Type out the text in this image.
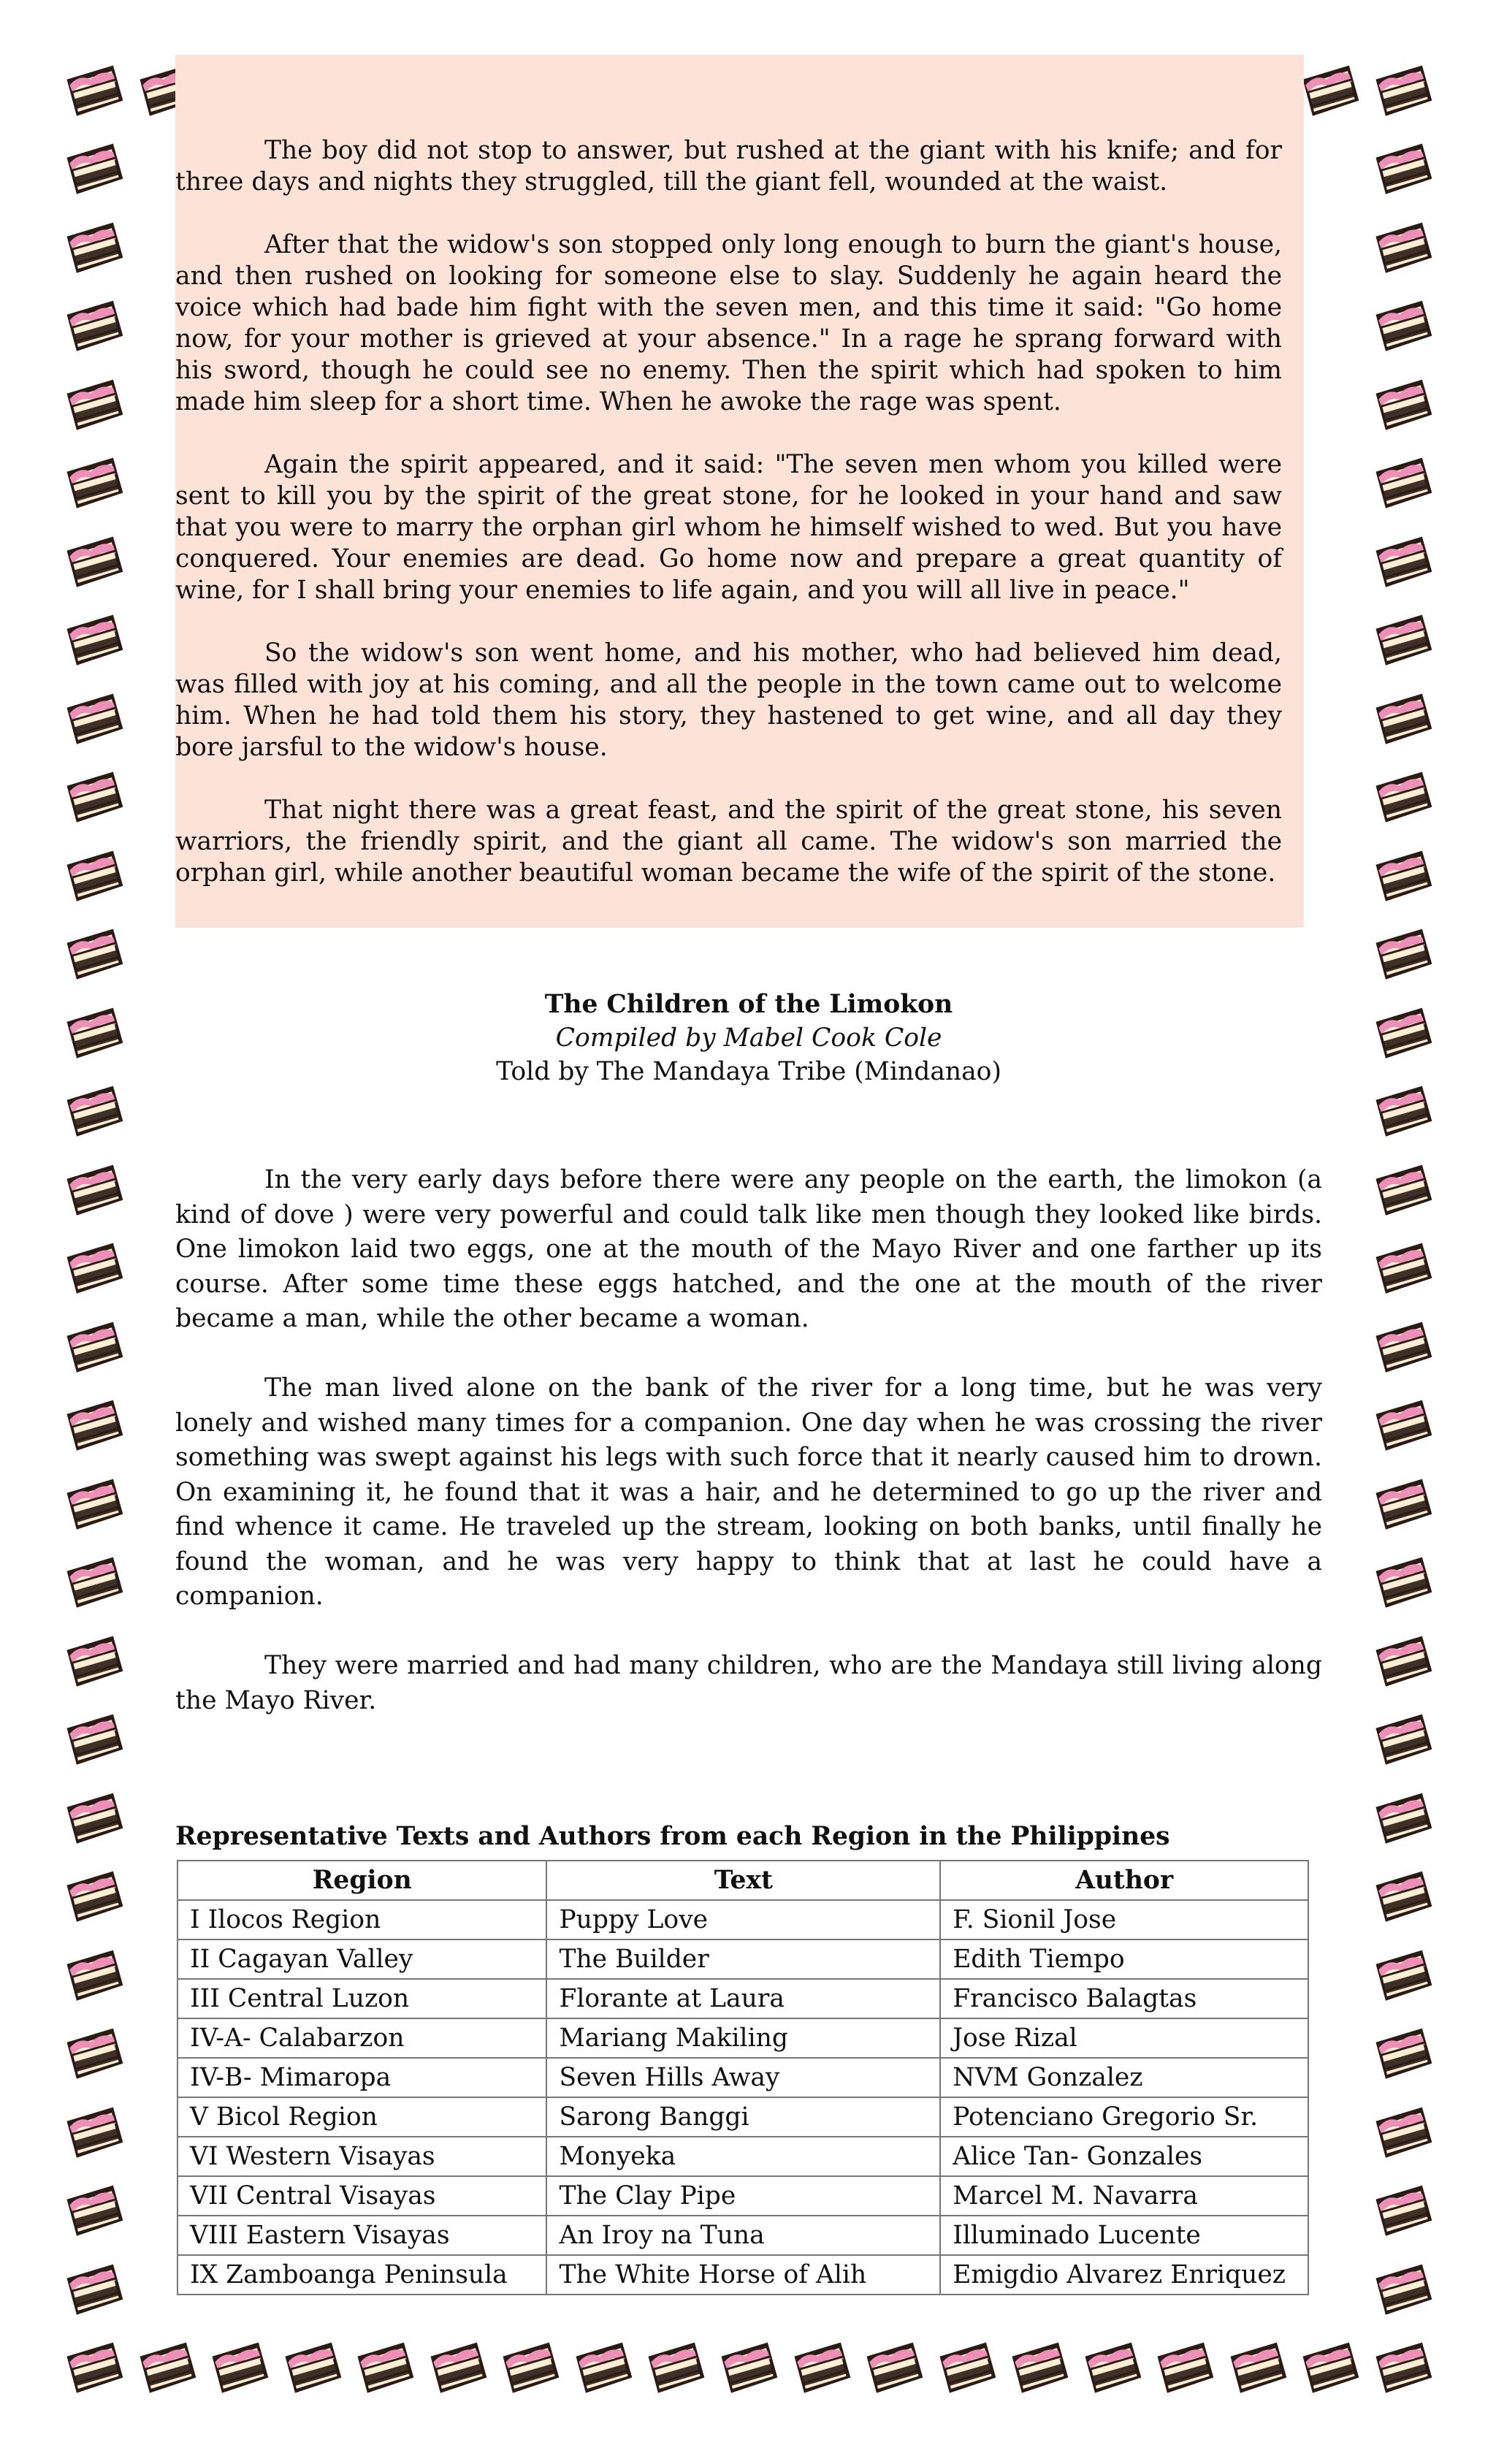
The boy did not stop to answer, but rushed at the giant with his knife; and for three days and nights they struggled, till the giant fell, wounded at the waist.

After that the widow's son stopped only long enough to burn the giant's house, and then rushed on looking for someone else to slay. Suddenly he again heard the voice which had bade him fight with the seven men, and this time it said: "Go home now, for your mother is grieved at your absence." In a rage he sprang forward with his sword, though he could see no enemy. Then the spirit which had spoken to him made him sleep for a short time. When he awoke the rage was spent.

Again the spirit appeared, and it said: "The seven men whom you killed were sent to kill you by the spirit of the great stone, for he looked in your hand and saw that you were to marry the orphan girl whom he himself wished to wed. But you have conquered. Your enemies are dead. Go home now and prepare a great quantity of wine, for I shall bring your enemies to life again, and you will all live in peace."

So the widow's son went home, and his mother, who had believed him dead, was filled with joy at his coming, and all the people in the town came out to welcome him. When he had told them his story, they hastened to get wine, and all day they bore jarsful to the widow's house.

That night there was a great feast, and the spirit of the great stone, his seven warriors, the friendly spirit, and the giant all came. The widow's son married the orphan girl, while another beautiful woman became the wife of the spirit of the stone.

The Children of the Limokon
Compiled by Mabel Cook Cole
Told by The Mandaya Tribe (Mindanao)

In the very early days before there were any people on the earth, the limokon (a kind of dove ) were very powerful and could talk like men though they looked like birds. One limokon laid two eggs, one at the mouth of the Mayo River and one farther up its course. After some time these eggs hatched, and the one at the mouth of the river became a man, while the other became a woman.

The man lived alone on the bank of the river for a long time, but he was very lonely and wished many times for a companion. One day when he was crossing the river something was swept against his legs with such force that it nearly caused him to drown. On examining it, he found that it was a hair, and he determined to go up the river and find whence it came. He traveled up the stream, looking on both banks, until finally he found the woman, and he was very happy to think that at last he could have a companion.

They were married and had many children, who are the Mandaya still living along the Mayo River.

Representative Texts and Authors from each Region in the Philippines
Region	Text	Author
I Ilocos Region	Puppy Love	F. Sionil Jose
II Cagayan Valley	The Builder	Edith Tiempo
III Central Luzon	Florante at Laura	Francisco Balagtas
IV-A- Calabarzon	Mariang Makiling	Jose Rizal
IV-B- Mimaropa	Seven Hills Away	NVM Gonzalez
V Bicol Region	Sarong Banggi	Potenciano Gregorio Sr.
VI Western Visayas	Monyeka	Alice Tan- Gonzales
VII Central Visayas	The Clay Pipe	Marcel M. Navarra
VIII Eastern Visayas	An Iroy na Tuna	Illuminado Lucente
IX Zamboanga Peninsula	The White Horse of Alih	Emigdio Alvarez Enriquez
